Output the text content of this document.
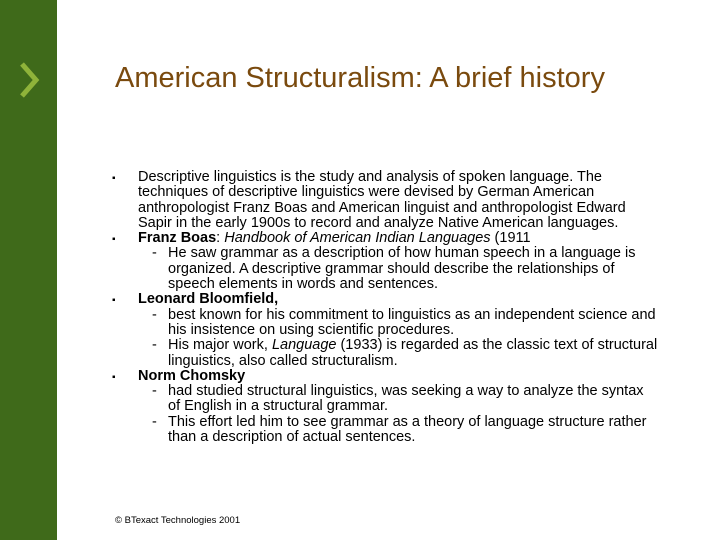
American Structuralism: A brief history
▪ Descriptive linguistics is the study and analysis of spoken language. The techniques of descriptive linguistics were devised by German American anthropologist Franz Boas and American linguist and anthropologist Edward Sapir in the early 1900s to record and analyze Native American languages.
▪ Franz Boas: Handbook of American Indian Languages (1911
- He saw grammar as a description of how human speech in a language is organized. A descriptive grammar should describe the relationships of speech elements in words and sentences.
▪ Leonard Bloomfield,
- best known for his commitment to linguistics as an independent science and his insistence on using scientific procedures.
- His major work, Language (1933) is regarded as the classic text of structural linguistics, also called structuralism.
▪ Norm Chomsky
- had studied structural linguistics, was seeking a way to analyze the syntax of English in a structural grammar.
- This effort led him to see grammar as a theory of language structure rather than a description of actual sentences.
© BTexact Technologies 2001
